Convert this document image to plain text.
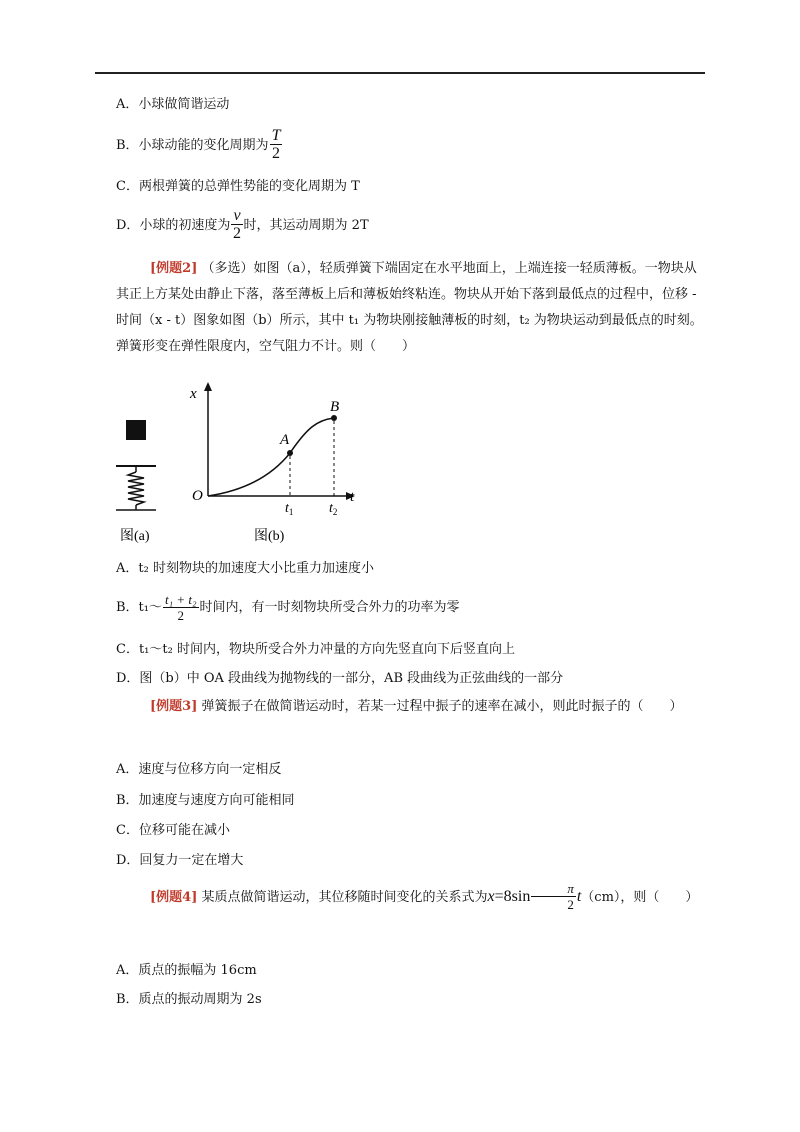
A．小球做简谐运动
B．小球动能的变化周期为 $\frac{T}{2}$
C．两根弹簧的总弹性势能的变化周期为 T
D．小球的初速度为 $\frac{v}{2}$ 时，其运动周期为 2T
[例题2] （多选）如图（a），轻质弹簧下端固定在水平地面上，上端连接一轻质薄板。一物块从其正上方某处由静止下落，落至薄板上后和薄板始终粘连。物块从开始下落到最低点的过程中，位移 - 时间（x - t）图象如图（b）所示，其中 t₁ 为物块刚接触薄板的时刻，t₂ 为物块运动到最低点的时刻。弹簧形变在弹性限度内，空气阻力不计。则（　　）
图(a)
x
t
O
A
B
$t_1$	$t_2$
图(b)
A．t₂ 时刻物块的加速度大小比重力加速度小
B．t₁～ $\frac{\text{t₁ + t₂}}{2}$ 时间内，有一时刻物块所受合外力的功率为零
C．t₁～t₂ 时间内，物块所受合外力冲量的方向先竖直向下后竖直向上
D．图（b）中 OA 段曲线为抛物线的一部分，AB 段曲线为正弦曲线的一部分
[例题3] 弹簧振子在做简谐运动时，若某一过程中振子的速率在减小，则此时振子的（　　）
A．速度与位移方向一定相反
B．加速度与速度方向可能相同
C．位移可能在减小
D．回复力一定在增大
[例题4] 某质点做简谐运动，其位移随时间变化的关系式为$x=8\sin \frac{\pi}{2} t(cm)$，则（　　）
A．质点的振幅为 16cm
B．质点的振动周期为 2s
